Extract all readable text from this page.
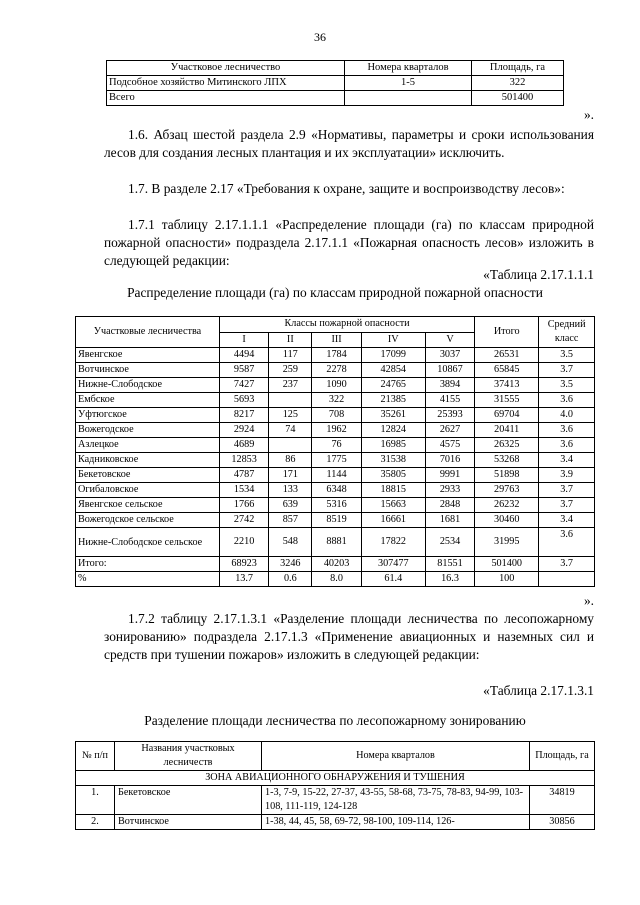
36
Участковое лесничество	Номера кварталов	Площадь, га
Подсобное хозяйство Митинского ЛПХ	1-5	322
Всего		501400
».
1.6. Абзац шестой раздела 2.9 «Нормативы, параметры и сроки использования лесов для создания лесных плантация и их эксплуатации» исключить.
1.7. В разделе 2.17 «Требования к охране, защите и воспроизводству лесов»:
1.7.1 таблицу 2.17.1.1.1 «Распределение площади (га) по классам природной пожарной опасности» подраздела 2.17.1.1 «Пожарная опасность лесов» изложить в следующей редакции:
«Таблица 2.17.1.1.1
Распределение площади (га) по классам природной пожарной опасности
Участковые лесничества	Классы пожарной опасности					Итого	Средний класс
	I	II	III	IV	V		
Явенгское	4494	117	1784	17099	3037	26531	3.5
Вотчинское	9587	259	2278	42854	10867	65845	3.7
Нижне-Слободское	7427	237	1090	24765	3894	37413	3.5
Ембское	5693		322	21385	4155	31555	3.6
Уфтюгское	8217	125	708	35261	25393	69704	4.0
Вожегодское	2924	74	1962	12824	2627	20411	3.6
Азлецкое	4689		76	16985	4575	26325	3.6
Кадниковское	12853	86	1775	31538	7016	53268	3.4
Бекетовское	4787	171	1144	35805	9991	51898	3.9
Огибаловское	1534	133	6348	18815	2933	29763	3.7
Явенгское сельское	1766	639	5316	15663	2848	26232	3.7
Вожегодское сельское	2742	857	8519	16661	1681	30460	3.4
Нижне-Слободское сельское	2210	548	8881	17822	2534	31995	3.6
Итого:	68923	3246	40203	307477	81551	501400	3.7
%	13.7	0.6	8.0	61.4	16.3	100	
».
1.7.2 таблицу 2.17.1.3.1 «Разделение площади лесничества по лесопожарному зонированию» подраздела 2.17.1.3 «Применение авиационных и наземных сил и средств при тушении пожаров» изложить в следующей редакции:
«Таблица 2.17.1.3.1
Разделение площади лесничества по лесопожарному зонированию
№ п/п	Названия участковых лесничеств	Номера кварталов	Площадь, га
ЗОНА АВИАЦИОННОГО ОБНАРУЖЕНИЯ И ТУШЕНИЯ			
1.	Бекетовское	1-3, 7-9, 15-22, 27-37, 43-55, 58-68, 73-75, 78-83, 94-99, 103-108, 111-119, 124-128	34819
2.	Вотчинское	1-38, 44, 45, 58, 69-72, 98-100, 109-114, 126-	30856
